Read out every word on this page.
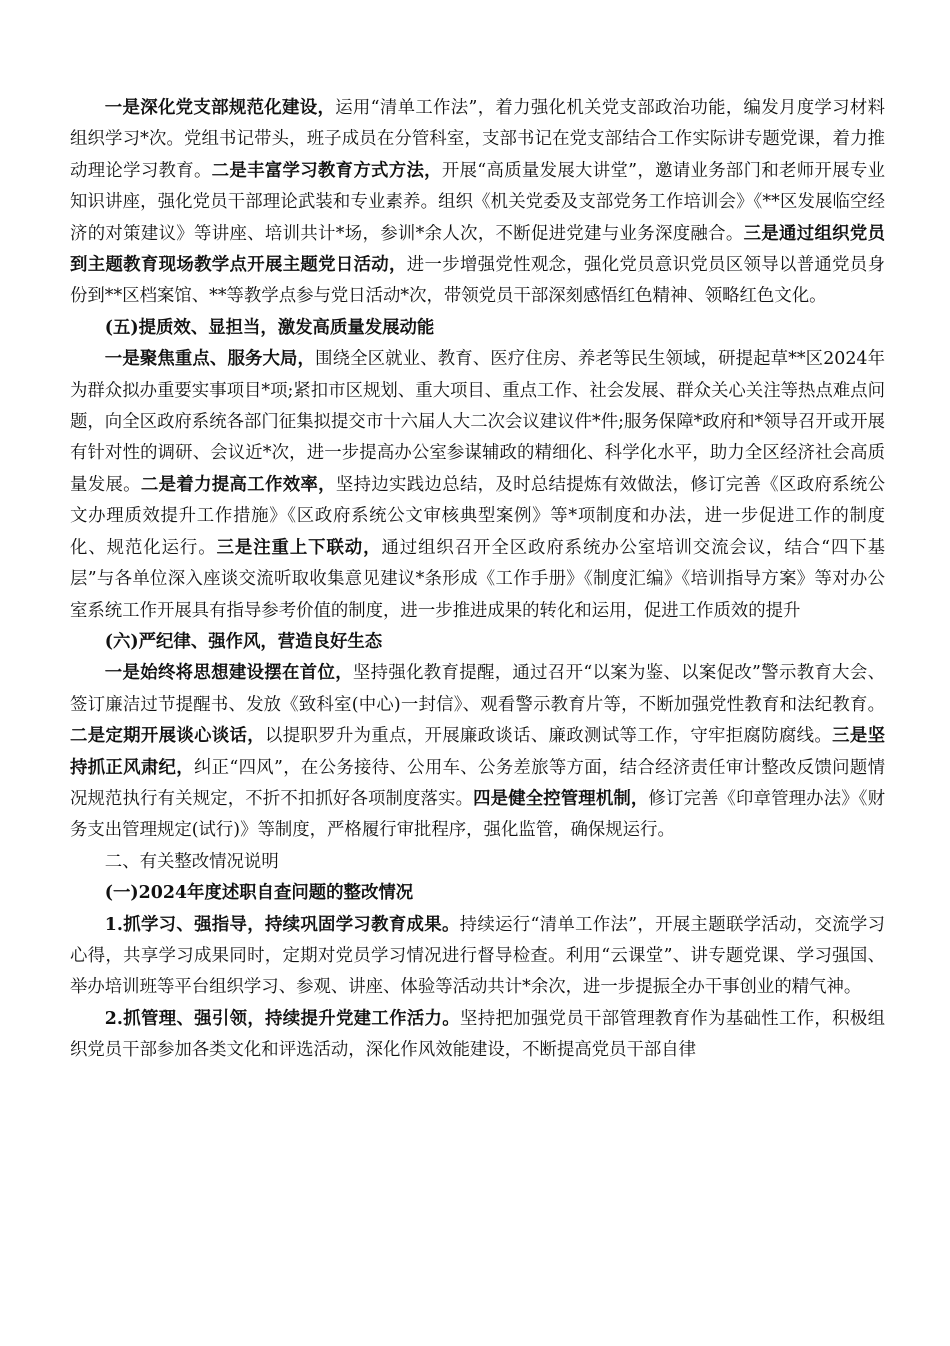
一是深化党支部规范化建设，运用“清单工作法”，着力强化机关党支部政治功能，编发月度学习材料组织学习*次。党组书记带头，班子成员在分管科室，支部书记在党支部结合工作实际讲专题党课，着力推动理论学习教育。二是丰富学习教育方式方法，开展“高质量发展大讲堂”，邀请业务部门和老师开展专业知识讲座，强化党员干部理论武装和专业素养。组织《机关党委及支部党务工作培训会》《**区发展临空经济的对策建议》等讲座、培训共计*场，参训*余人次，不断促进党建与业务深度融合。三是通过组织党员到主题教育现场教学点开展主题党日活动，进一步增强党性观念，强化党员意识党员区领导以普通党员身份到**区档案馆、**等教学点参与党日活动*次，带领党员干部深刻感悟红色精神、领略红色文化。

(五)提质效、显担当，激发高质量发展动能

一是聚焦重点、服务大局，围绕全区就业、教育、医疗住房、养老等民生领域，研提起草**区2024年为群众拟办重要实事项目*项;紧扣市区规划、重大项目、重点工作、社会发展、群众关心关注等热点难点问题，向全区政府系统各部门征集拟提交市十六届人大二次会议建议件*件;服务保障*政府和*领导召开或开展有针对性的调研、会议近*次，进一步提高办公室参谋辅政的精细化、科学化水平，助力全区经济社会高质量发展。二是着力提高工作效率，坚持边实践边总结，及时总结提炼有效做法，修订完善《区政府系统公文办理质效提升工作措施》《区政府系统公文审核典型案例》等*项制度和办法，进一步促进工作的制度化、规范化运行。三是注重上下联动，通过组织召开全区政府系统办公室培训交流会议，结合“四下基层”与各单位深入座谈交流听取收集意见建议*条形成《工作手册》《制度汇编》《培训指导方案》等对办公室系统工作开展具有指导参考价值的制度，进一步推进成果的转化和运用，促进工作质效的提升

(六)严纪律、强作风，营造良好生态

一是始终将思想建设摆在首位，坚持强化教育提醒，通过召开“以案为鉴、以案促改”警示教育大会、签订廉洁过节提醒书、发放《致科室(中心)一封信》、观看警示教育片等，不断加强党性教育和法纪教育。二是定期开展谈心谈话，以提职罗升为重点，开展廉政谈话、廉政测试等工作，守牢拒腐防腐线。三是坚持抓正风肃纪，纠正“四风”，在公务接待、公用车、公务差旅等方面，结合经济责任审计整改反馈问题情况规范执行有关规定，不折不扣抓好各项制度落实。四是健全控管理机制，修订完善《印章管理办法》《财务支出管理规定(试行)》等制度，严格履行审批程序，强化监管，确保规运行。

二、有关整改情况说明

(一)2024年度述职自查问题的整改情况

1.抓学习、强指导，持续巩固学习教育成果。持续运行“清单工作法”，开展主题联学活动，交流学习心得，共享学习成果同时，定期对党员学习情况进行督导检查。利用“云课堂”、讲专题党课、学习强国、举办培训班等平台组织学习、参观、讲座、体验等活动共计*余次，进一步提振全办干事创业的精气神。

2.抓管理、强引领，持续提升党建工作活力。坚持把加强党员干部管理教育作为基础性工作，积极组织党员干部参加各类文化和评选活动，深化作风效能建设，不断提高党员干部自律
